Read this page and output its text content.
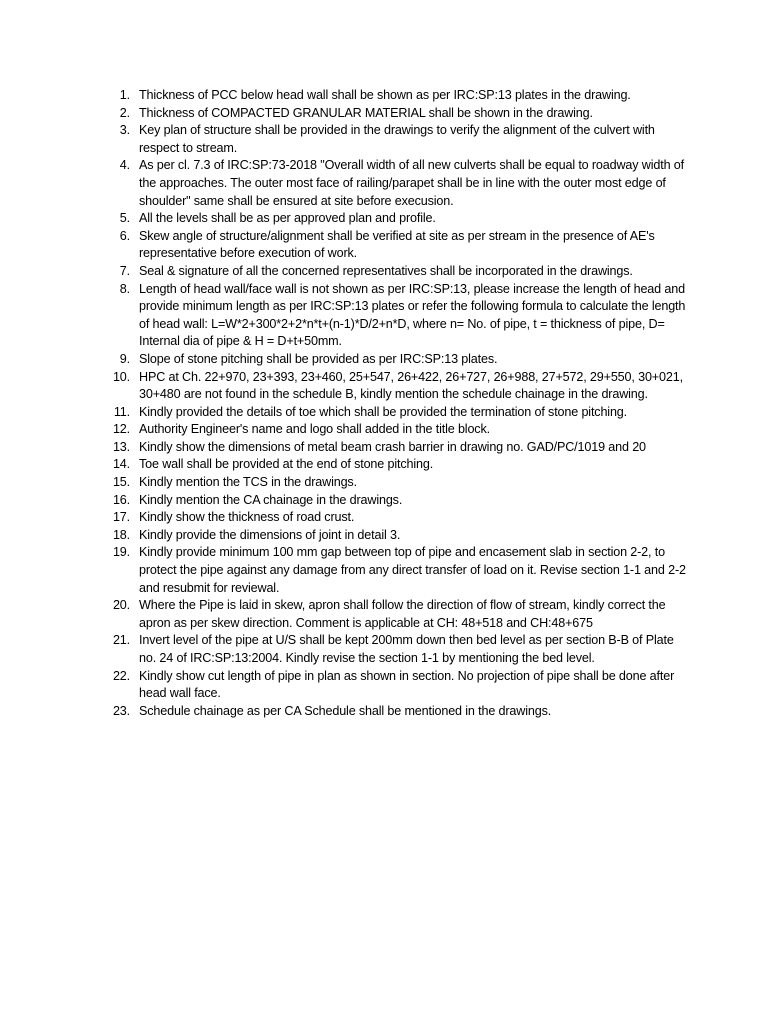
1. Thickness of PCC below head wall shall be shown as per IRC:SP:13 plates in the drawing.
2. Thickness of COMPACTED GRANULAR MATERIAL shall be shown in the drawing.
3. Key plan of structure shall be provided in the drawings to verify the alignment of the culvert with respect to stream.
4. As per cl. 7.3 of IRC:SP:73-2018 "Overall width of all new culverts shall be equal to roadway width of the approaches. The outer most face of railing/parapet shall be in line with the outer most edge of shoulder" same shall be ensured at site before execusion.
5. All the levels shall be as per approved plan and profile.
6. Skew angle of structure/alignment shall be verified at site as per stream in the presence of AE's representative before execution of work.
7. Seal & signature of all the concerned representatives shall be incorporated in the drawings.
8. Length of head wall/face wall is not shown as per IRC:SP:13, please increase the length of head and provide minimum length as per IRC:SP:13 plates or refer the following formula to calculate the length of head wall: L=W*2+300*2+2*n*t+(n-1)*D/2+n*D, where n= No. of pipe, t = thickness of pipe, D= Internal dia of pipe & H = D+t+50mm.
9. Slope of stone pitching shall be provided as per IRC:SP:13 plates.
10. HPC at Ch. 22+970, 23+393, 23+460, 25+547, 26+422, 26+727, 26+988, 27+572, 29+550, 30+021, 30+480 are not found in the schedule B, kindly mention the schedule chainage in the drawing.
11. Kindly provided the details of toe which shall be provided the termination of stone pitching.
12. Authority Engineer's name and logo shall added in the title block.
13. Kindly show the dimensions of metal beam crash barrier in drawing no. GAD/PC/1019 and 20
14. Toe wall shall be provided at the end of stone pitching.
15. Kindly mention the TCS in the drawings.
16. Kindly mention the CA chainage in the drawings.
17. Kindly show the thickness of road crust.
18. Kindly provide the dimensions of joint in detail 3.
19. Kindly provide minimum 100 mm gap between top of pipe and encasement slab in section 2-2, to protect the pipe against any damage from any direct transfer of load on it. Revise section 1-1 and 2-2 and resubmit for reviewal.
20. Where the Pipe is laid in skew, apron shall follow the direction of flow of stream, kindly correct the apron as per skew direction. Comment is applicable at CH: 48+518 and CH:48+675
21. Invert level of the pipe at U/S shall be kept 200mm down then bed level as per section B-B of Plate no. 24 of IRC:SP:13:2004. Kindly revise the section 1-1 by mentioning the bed level.
22. Kindly show cut length of pipe in plan as shown in section. No projection of pipe shall be done after head wall face.
23. Schedule chainage as per CA Schedule shall be mentioned in the drawings.
